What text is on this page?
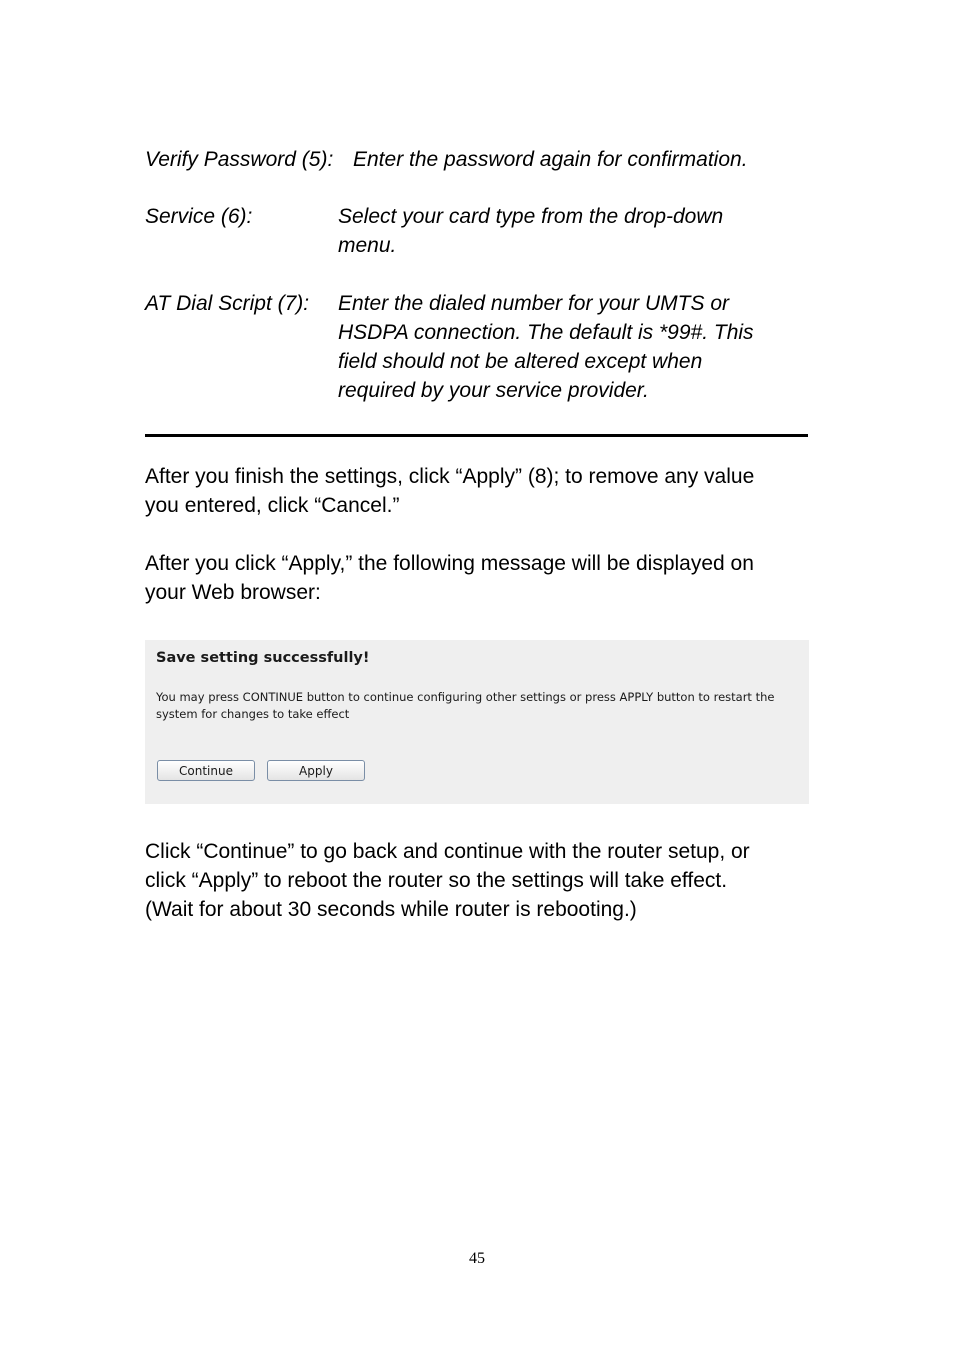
Verify Password (5): Enter the password again for confirmation.
Service (6):	Select your card type from the drop-down
menu.
AT Dial Script (7): Enter the dialed number for your UMTS or
HSDPA connection. The default is *99#. This
field should not be altered except when
required by your service provider.
After you finish the settings, click “Apply” (8); to remove any value
you entered, click “Cancel.”
After you click “Apply,” the following message will be displayed on
your Web browser:
Save setting successfully!
You may press CONTINUE button to continue configuring other settings or press APPLY button to restart the
system for changes to take effect
Continue	Apply
Click “Continue” to go back and continue with the router setup, or
click “Apply” to reboot the router so the settings will take effect.
(Wait for about 30 seconds while router is rebooting.)
45
